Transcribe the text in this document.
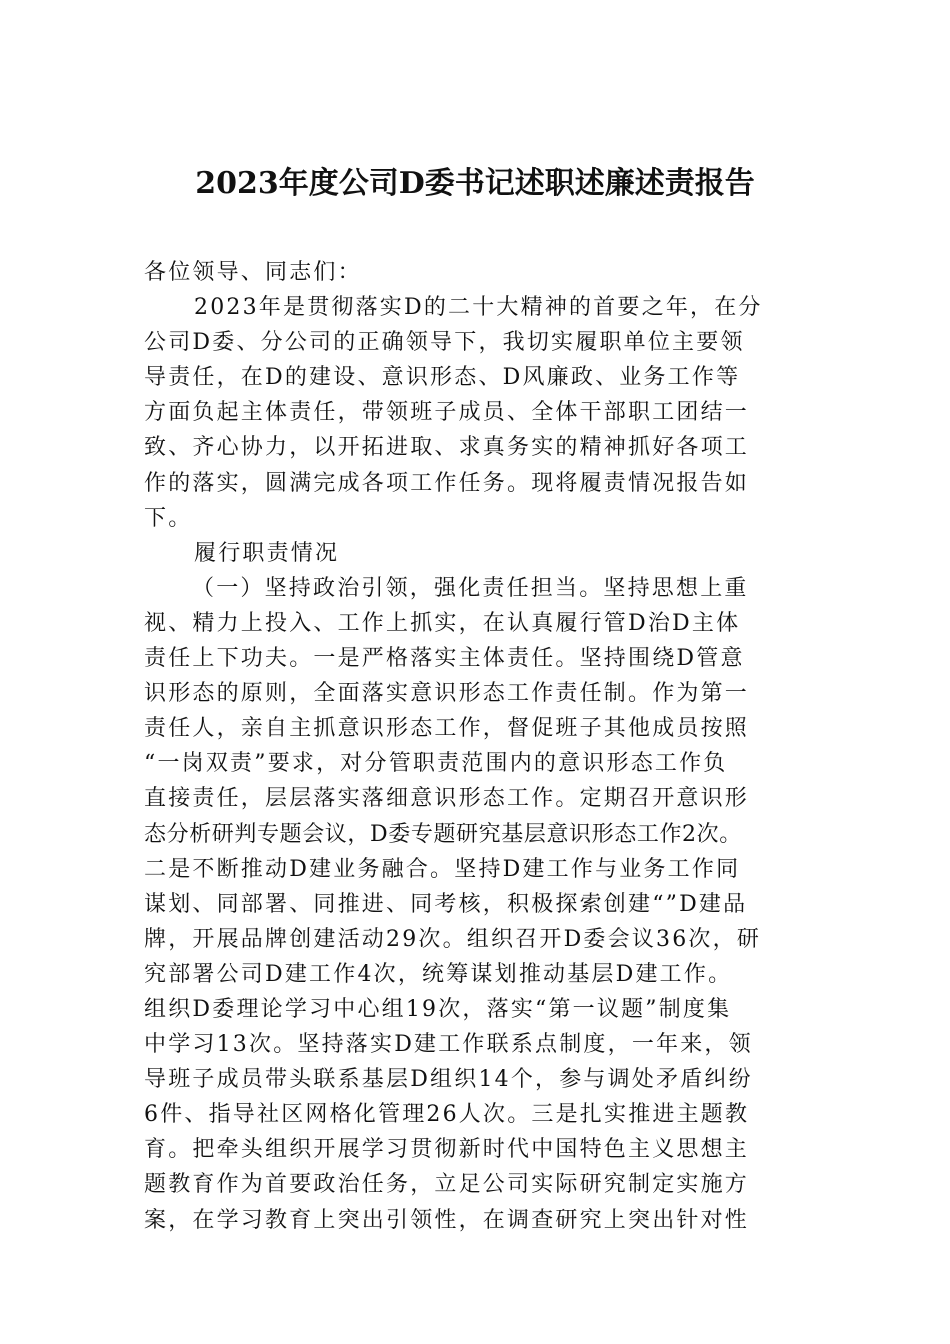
2023年度公司D委书记述职述廉述责报告
各位领导、同志们：
2023年是贯彻落实D的二十大精神的首要之年，在分
公司D委、分公司的正确领导下，我切实履职单位主要领
导责任，在D的建设、意识形态、D风廉政、业务工作等
方面负起主体责任，带领班子成员、全体干部职工团结一
致、齐心协力，以开拓进取、求真务实的精神抓好各项工
作的落实，圆满完成各项工作任务。现将履责情况报告如
下。
履行职责情况
（一）坚持政治引领，强化责任担当。坚持思想上重
视、精力上投入、工作上抓实，在认真履行管D治D主体
责任上下功夫。一是严格落实主体责任。坚持围绕D管意
识形态的原则，全面落实意识形态工作责任制。作为第一
责任人，亲自主抓意识形态工作，督促班子其他成员按照
“一岗双责”要求，对分管职责范围内的意识形态工作负
直接责任，层层落实落细意识形态工作。定期召开意识形
态分析研判专题会议，D委专题研究基层意识形态工作2次。
二是不断推动D建业务融合。坚持D建工作与业务工作同
谋划、同部署、同推进、同考核，积极探索创建“”D建品
牌，开展品牌创建活动29次。组织召开D委会议36次，研
究部署公司D建工作4次，统筹谋划推动基层D建工作。
组织D委理论学习中心组19次，落实“第一议题”制度集
中学习13次。坚持落实D建工作联系点制度，一年来，领
导班子成员带头联系基层D组织14个，参与调处矛盾纠纷
6件、指导社区网格化管理26人次。三是扎实推进主题教
育。把牵头组织开展学习贯彻新时代中国特色主义思想主
题教育作为首要政治任务，立足公司实际研究制定实施方
案，在学习教育上突出引领性，在调查研究上突出针对性
